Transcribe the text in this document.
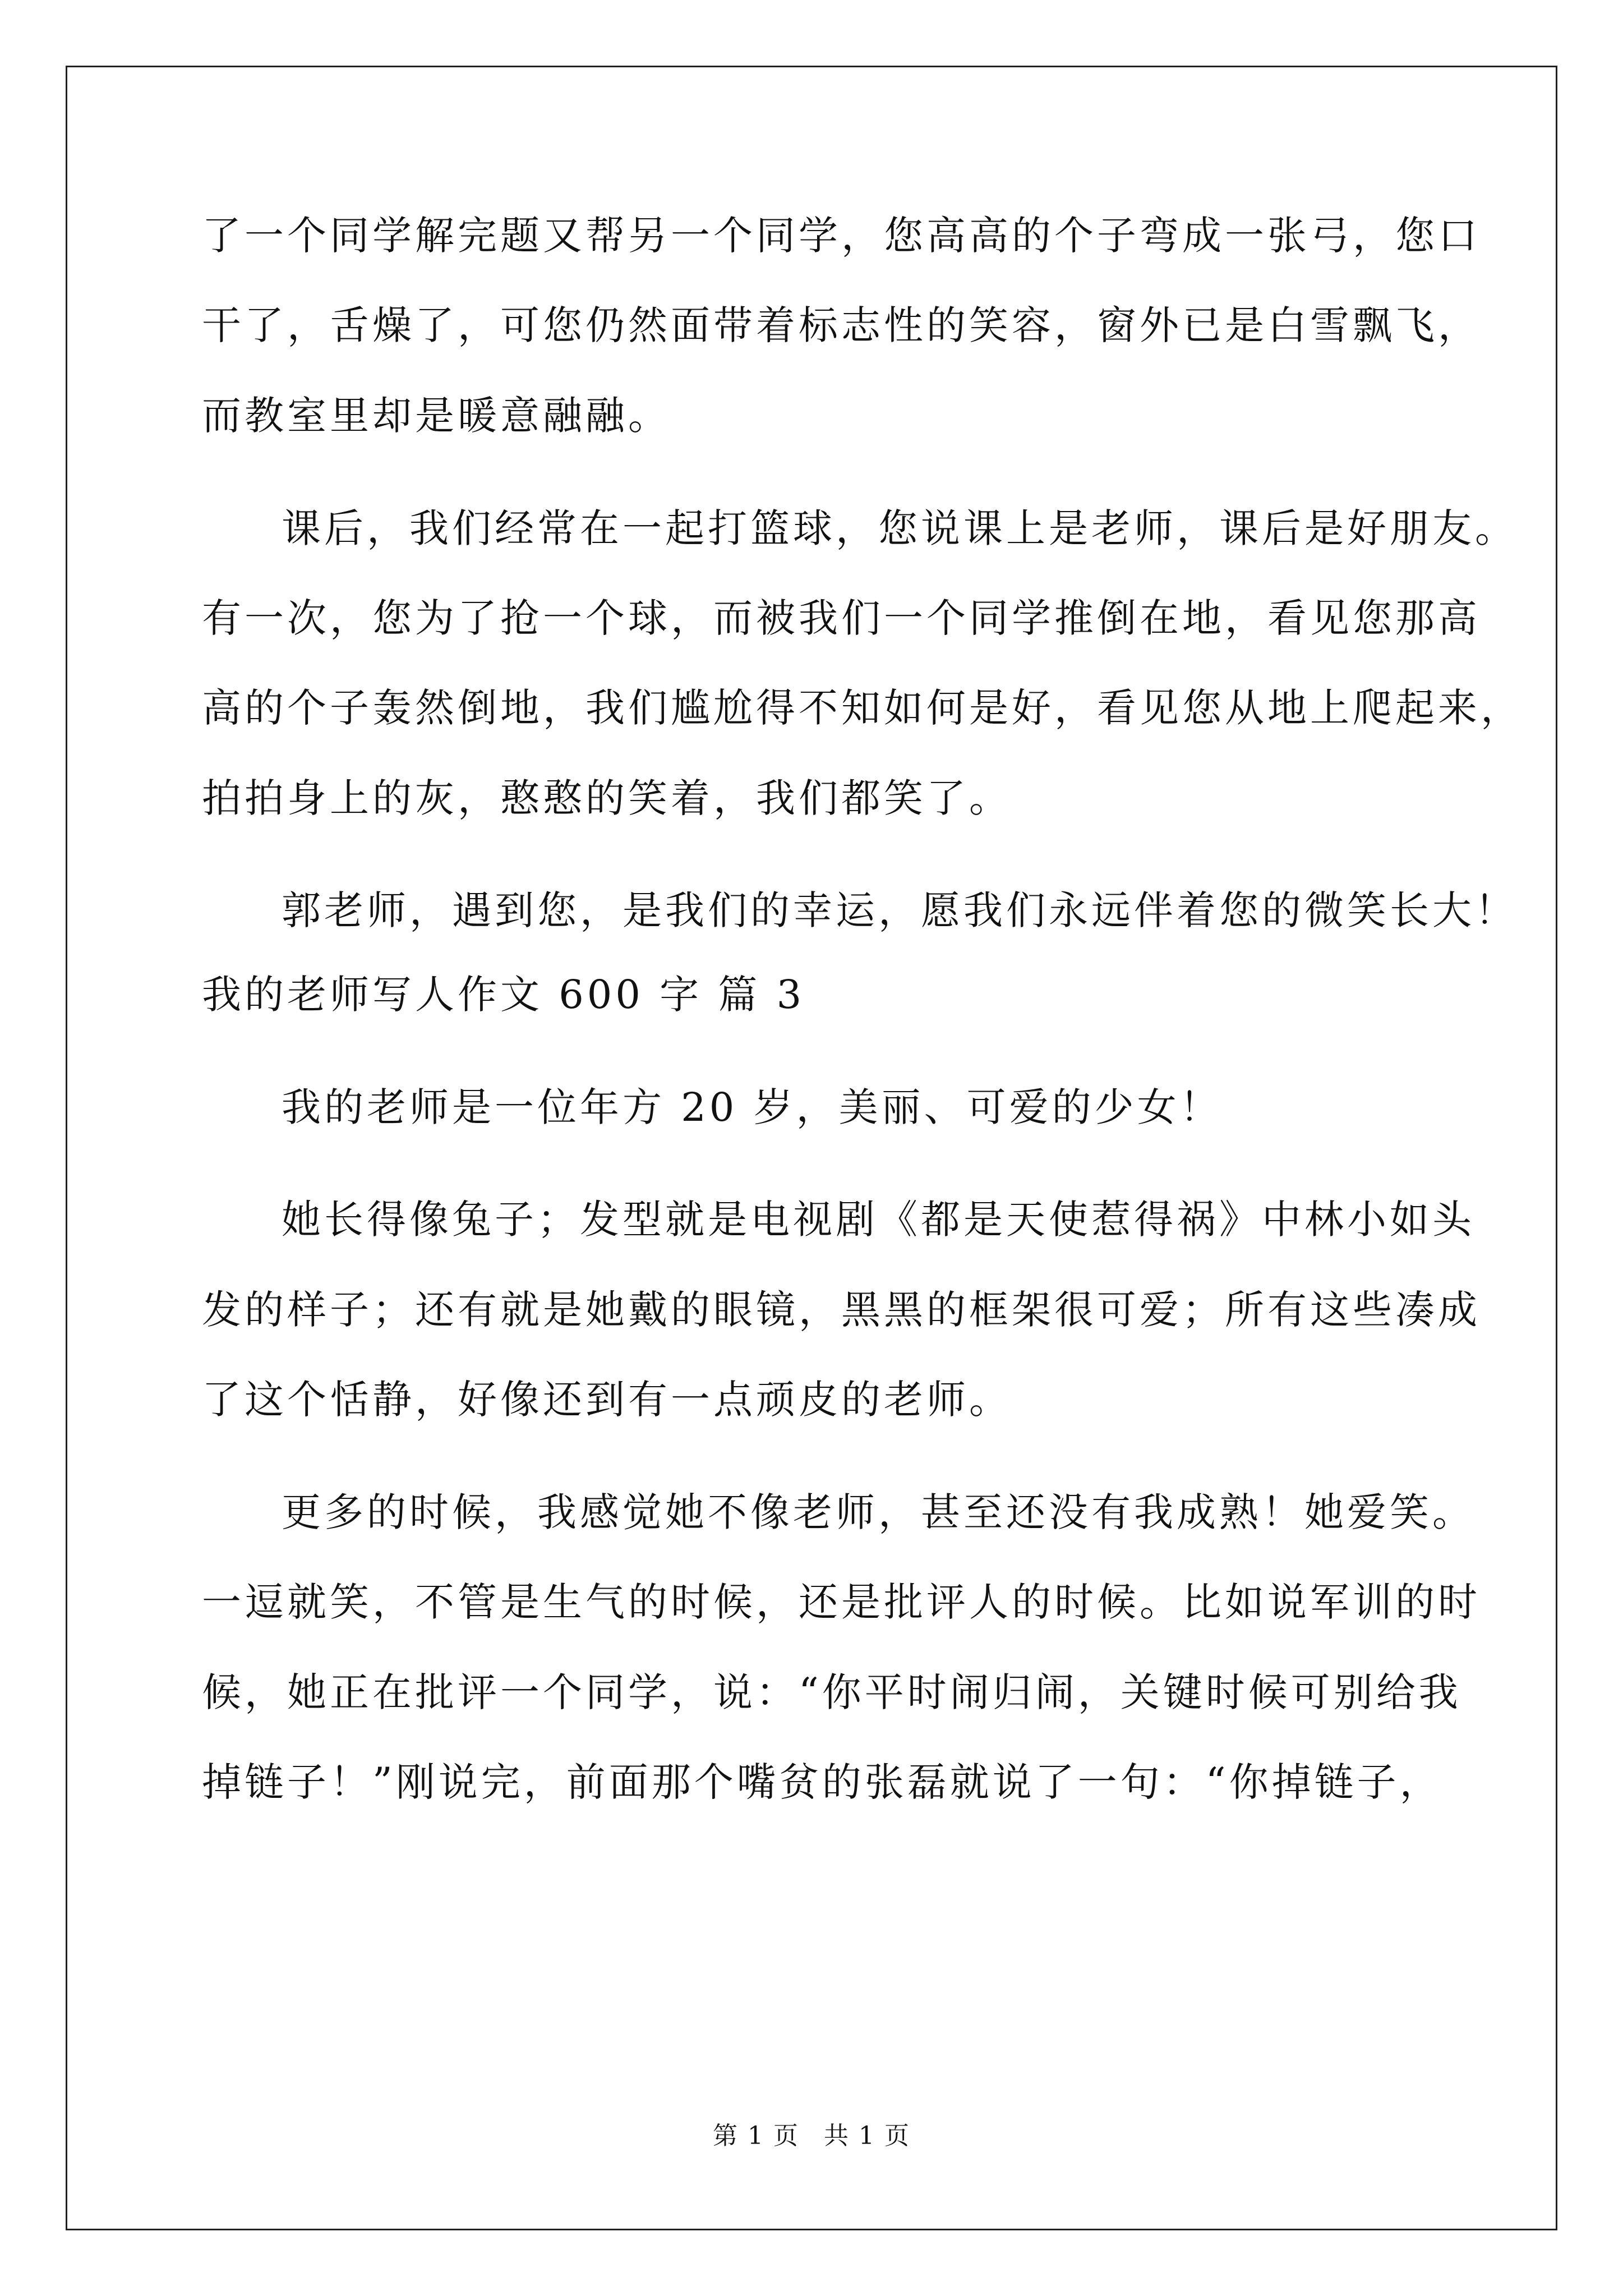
了一个同学解完题又帮另一个同学，您高高的个子弯成一张弓，您口
干了，舌燥了，可您仍然面带着标志性的笑容，窗外已是白雪飘飞，
而教室里却是暖意融融。
课后，我们经常在一起打篮球，您说课上是老师，课后是好朋友。
有一次，您为了抢一个球，而被我们一个同学推倒在地，看见您那高
高的个子轰然倒地，我们尴尬得不知如何是好，看见您从地上爬起来，
拍拍身上的灰，憨憨的笑着，我们都笑了。
郭老师，遇到您，是我们的幸运，愿我们永远伴着您的微笑长大！
我的老师写人作文 600 字 篇 3
我的老师是一位年方 20 岁，美丽、可爱的少女！
她长得像兔子；发型就是电视剧《都是天使惹得祸》中林小如头
发的样子；还有就是她戴的眼镜，黑黑的框架很可爱；所有这些凑成
了这个恬静，好像还到有一点顽皮的老师。
更多的时候，我感觉她不像老师，甚至还没有我成熟！她爱笑。
一逗就笑，不管是生气的时候，还是批评人的时候。比如说军训的时
候，她正在批评一个同学，说：“你平时闹归闹，关键时候可别给我
掉链子！”刚说完，前面那个嘴贫的张磊就说了一句：“你掉链子，
第 1 页 共 1 页
